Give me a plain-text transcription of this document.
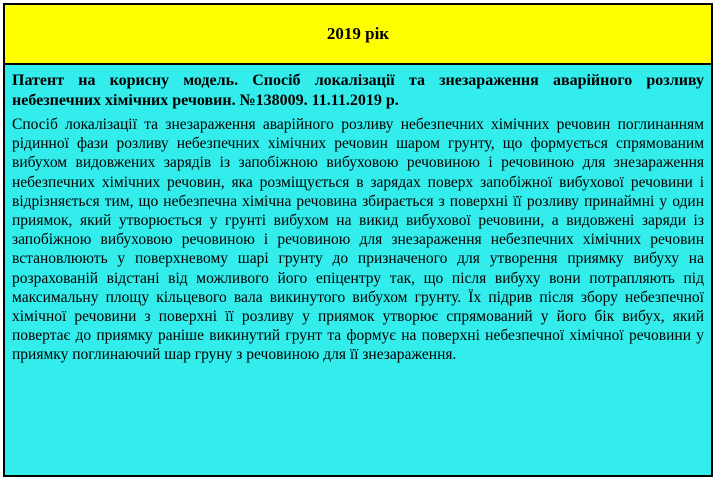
2019 рік

Патент на корисну модель. Спосіб локалізації та знезараження аварійного розливу небезпечних хімічних речовин. №138009. 11.11.2019 р.

Спосіб локалізації та знезараження аварійного розливу небезпечних хімічних речовин поглинанням рідинної фази розливу небезпечних хімічних речовин шаром грунту, що формується спрямованим вибухом видовжених зарядів із запобіжною вибуховою речовиною і речовиною для знезараження небезпечних хімічних речовин, яка розміщується в зарядах поверх запобіжної вибухової речовини і відрізняється тим, що небезпечна хімічна речовина збирається з поверхні її розливу принаймні у один приямок, який утворюється у грунті вибухом на викид вибухової речовини, а видовжені заряди із запобіжною вибуховою речовиною і речовиною для знезараження небезпечних хімічних речовин встановлюють у поверхневому шарі грунту до призначеного для утворення приямку вибуху на розрахованій відстані від можливого його епіцентру так, що після вибуху вони потрапляють під максимальну площу кільцевого вала викинутого вибухом грунту. Їх підрив після збору небезпечної хімічної речовини з поверхні її розливу у приямок утворює спрямований у його бік вибух, який повертає до приямку раніше викинутий грунт та формує на поверхні небезпечної хімічної речовини у приямку поглинаючий шар груну з речовиною для її знезараження.
